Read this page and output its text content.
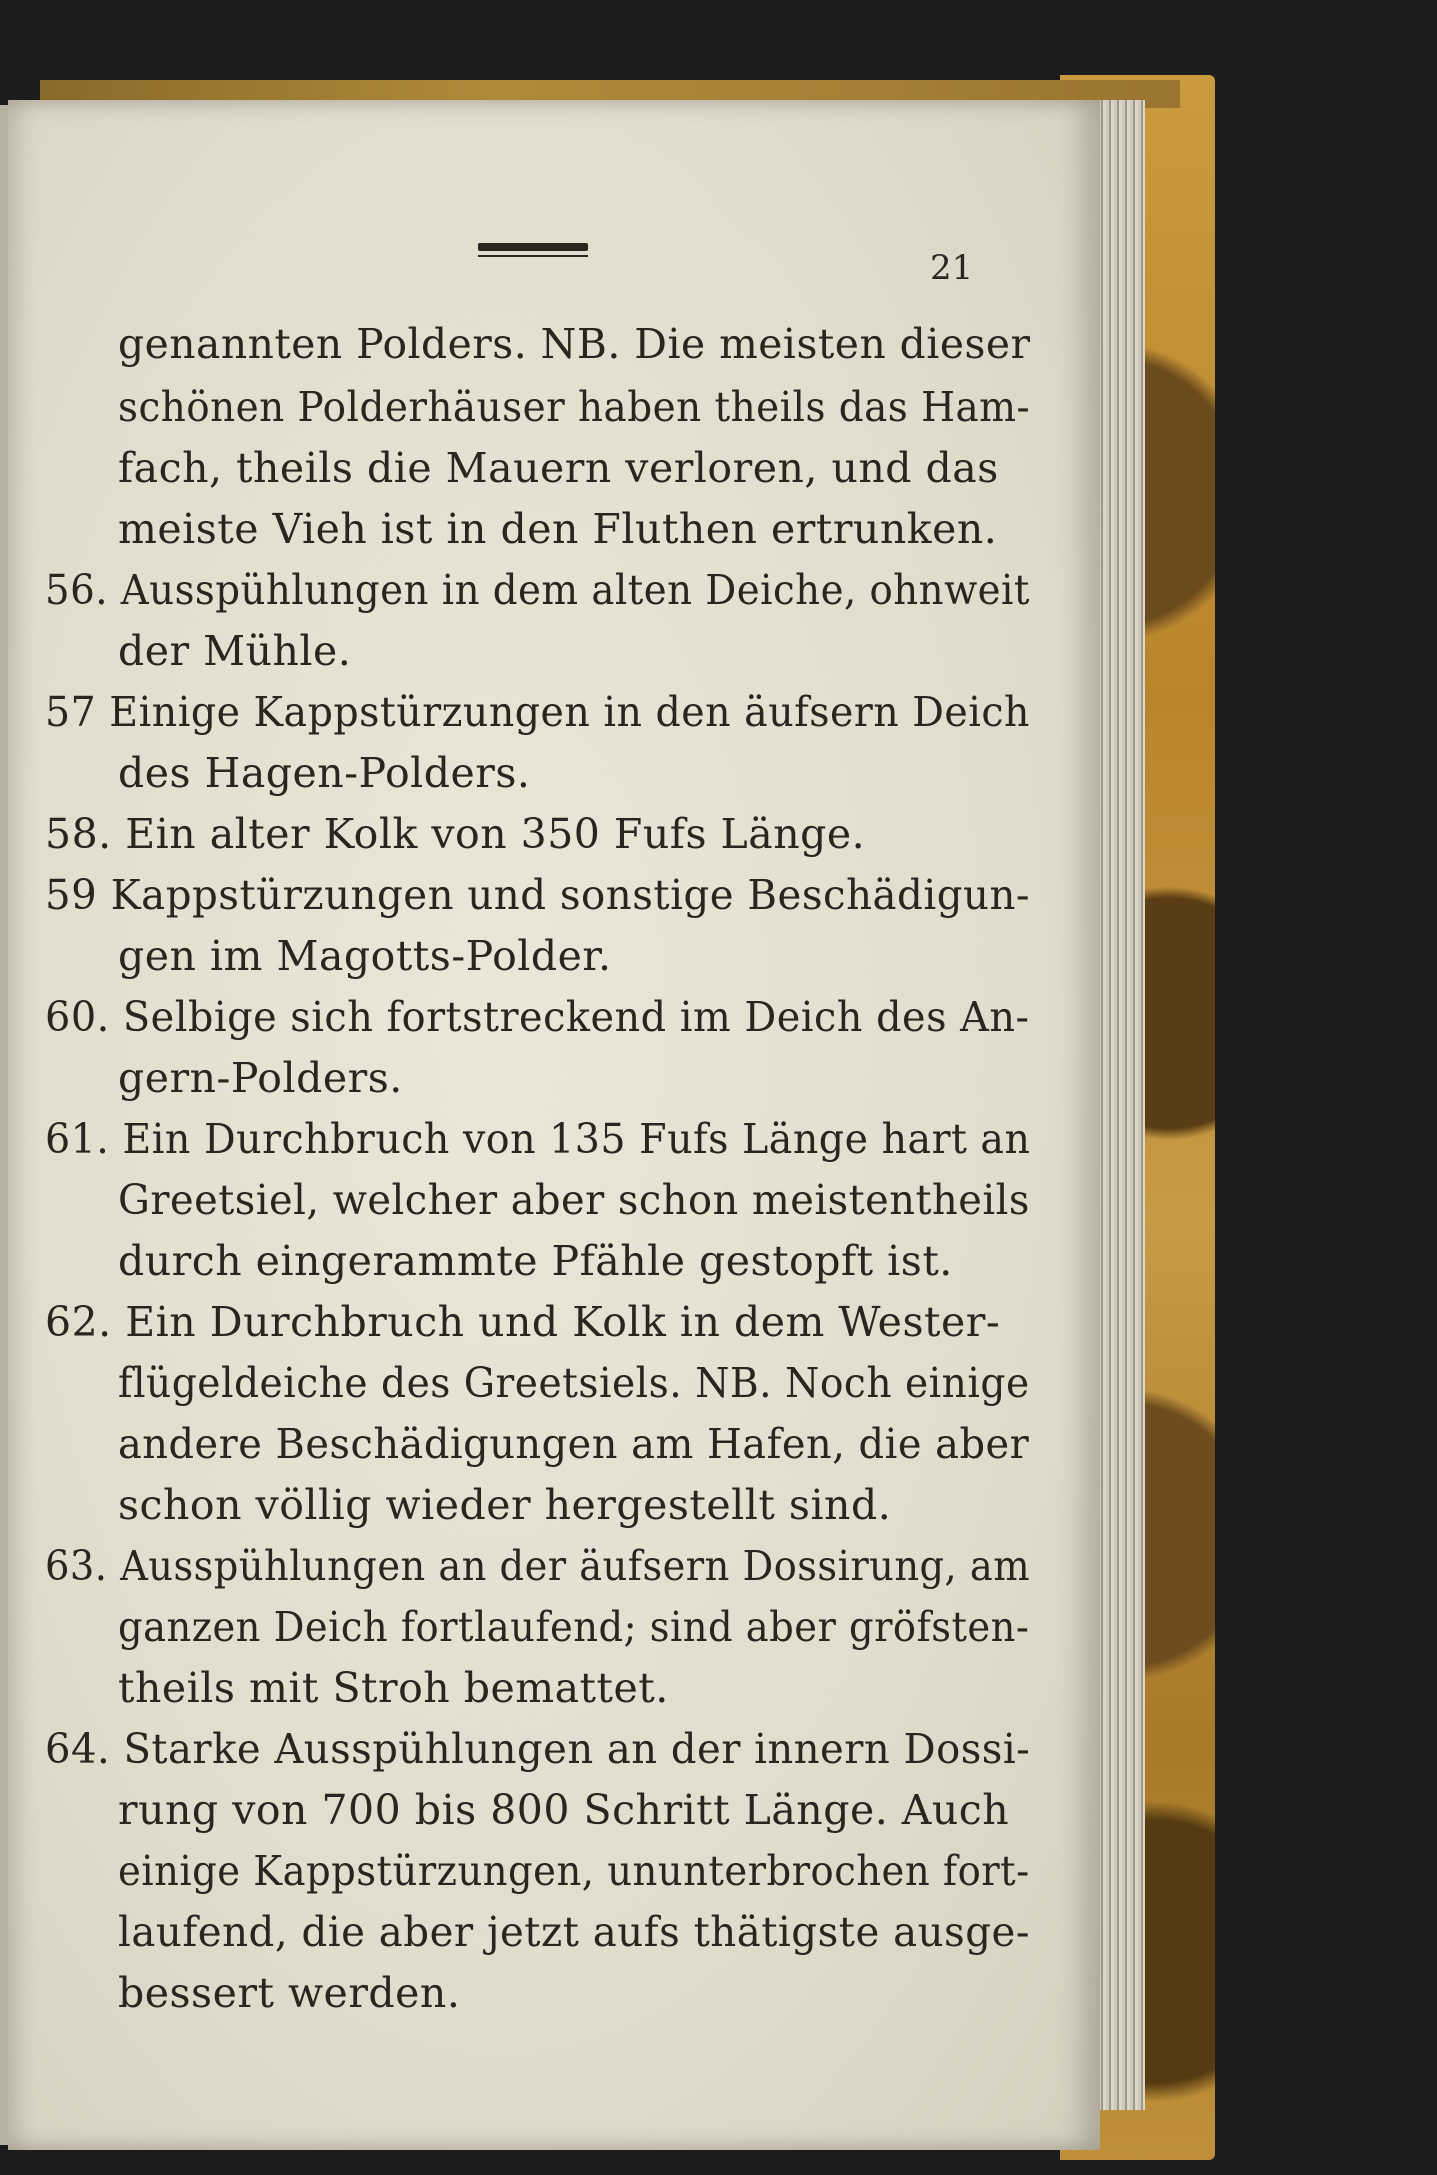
21
genannten Polders. NB. Die meisten dieser
schönen Polderhäuser haben theils das Ham-
fach, theils die Mauern verloren, und das
meiste Vieh ist in den Fluthen ertrunken.
56. Ausspühlungen in dem alten Deiche, ohnweit
der Mühle.
57 Einige Kappstürzungen in den äufsern Deich
des Hagen-Polders.
58. Ein alter Kolk von 350 Fufs Länge.
59 Kappstürzungen und sonstige Beschädigun-
gen im Magotts-Polder.
60. Selbige sich fortstreckend im Deich des An-
gern-Polders.
61. Ein Durchbruch von 135 Fufs Länge hart an
Greetsiel, welcher aber schon meistentheils
durch eingerammte Pfähle gestopft ist.
62. Ein Durchbruch und Kolk in dem Wester-
flügeldeiche des Greetsiels. NB. Noch einige
andere Beschädigungen am Hafen, die aber
schon völlig wieder hergestellt sind.
63. Ausspühlungen an der äufsern Dossirung, am
ganzen Deich fortlaufend; sind aber gröfsten-
theils mit Stroh bemattet.
64. Starke Ausspühlungen an der innern Dossi-
rung von 700 bis 800 Schritt Länge. Auch
einige Kappstürzungen, ununterbrochen fort-
laufend, die aber jetzt aufs thätigste ausge-
bessert werden.
